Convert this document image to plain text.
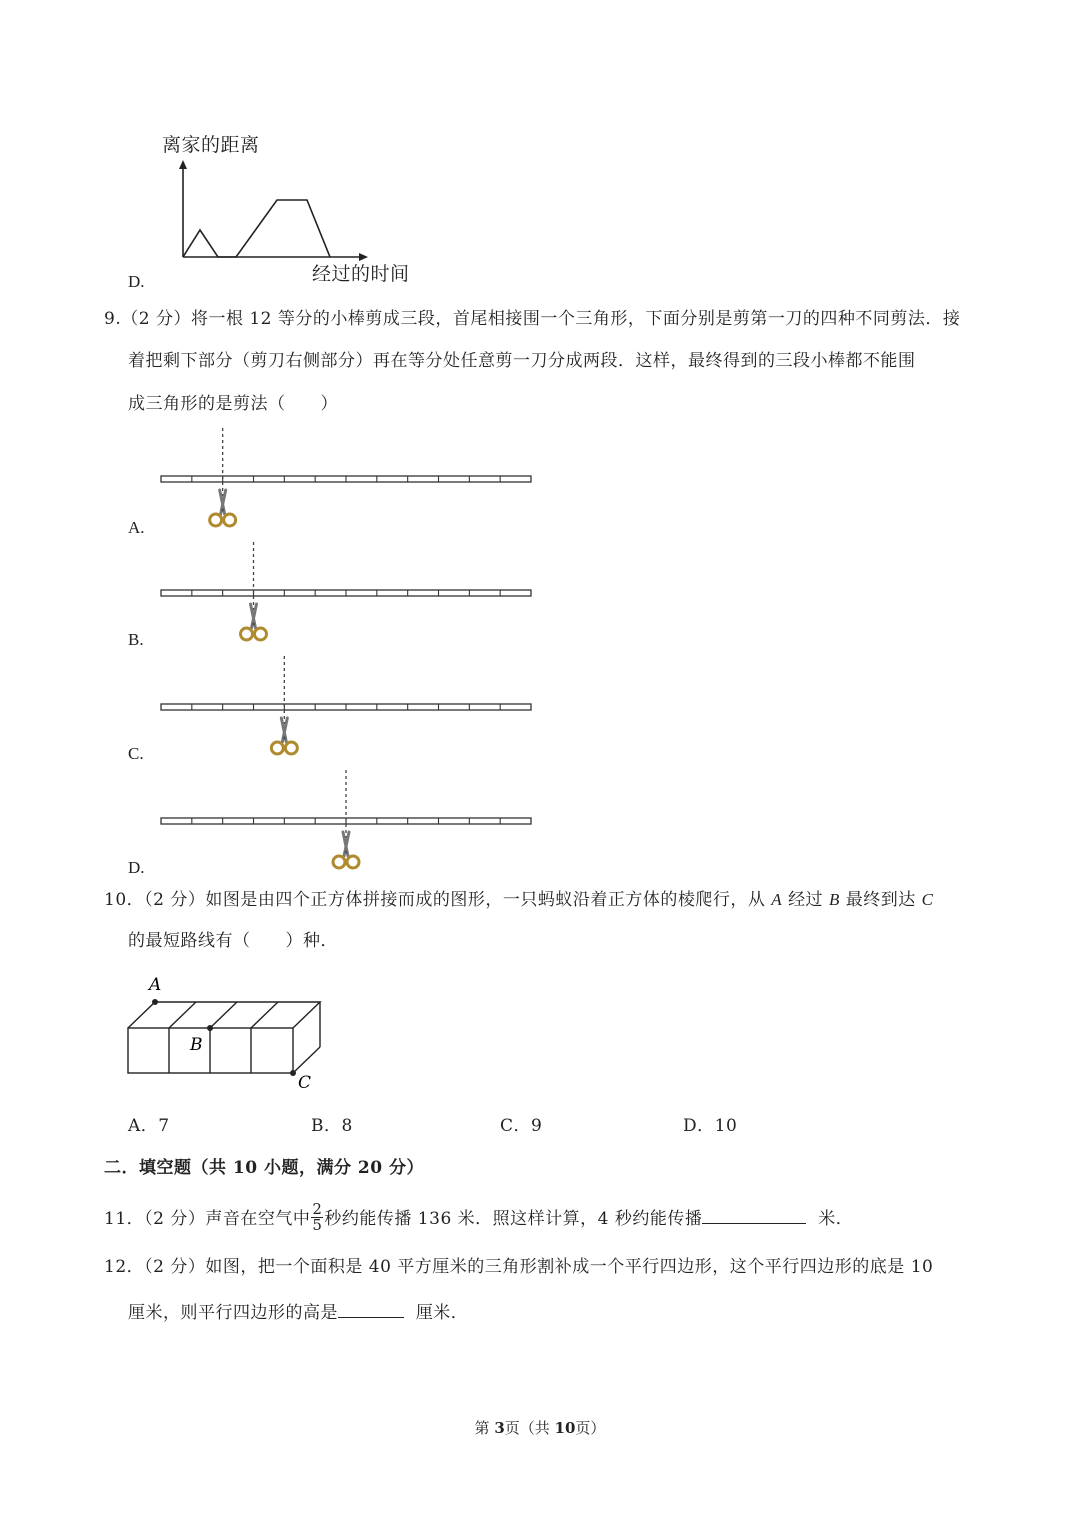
离家的距离
D.	经过的时间
9.（2 分）将一根 12 等分的小棒剪成三段，首尾相接围一个三角形，下面分别是剪第一刀的四种不同剪法．接
着把剩下部分（剪刀右侧部分）再在等分处任意剪一刀分成两段．这样，最终得到的三段小棒都不能围
成三角形的是剪法（　　）
A.
B.
C.
D.
10．（2 分）如图是由四个正方体拼接而成的图形，一只蚂蚁沿着正方体的棱爬行，从 A 经过 B 最终到达 C
的最短路线有（　　）种．
A
B
C
A．7	B．8	C．9	D．10
二．填空题（共 10 小题，满分 20 分）
11．（2 分）声音在空气中 $\frac{2}{5}$ 秒约能传播 136 米．照这样计算，4 秒约能传播	米．
12．（2 分）如图，把一个面积是 40 平方厘米的三角形割补成一个平行四边形，这个平行四边形的底是 10
厘米，则平行四边形的高是	厘米．
第 3页（共 10页）
